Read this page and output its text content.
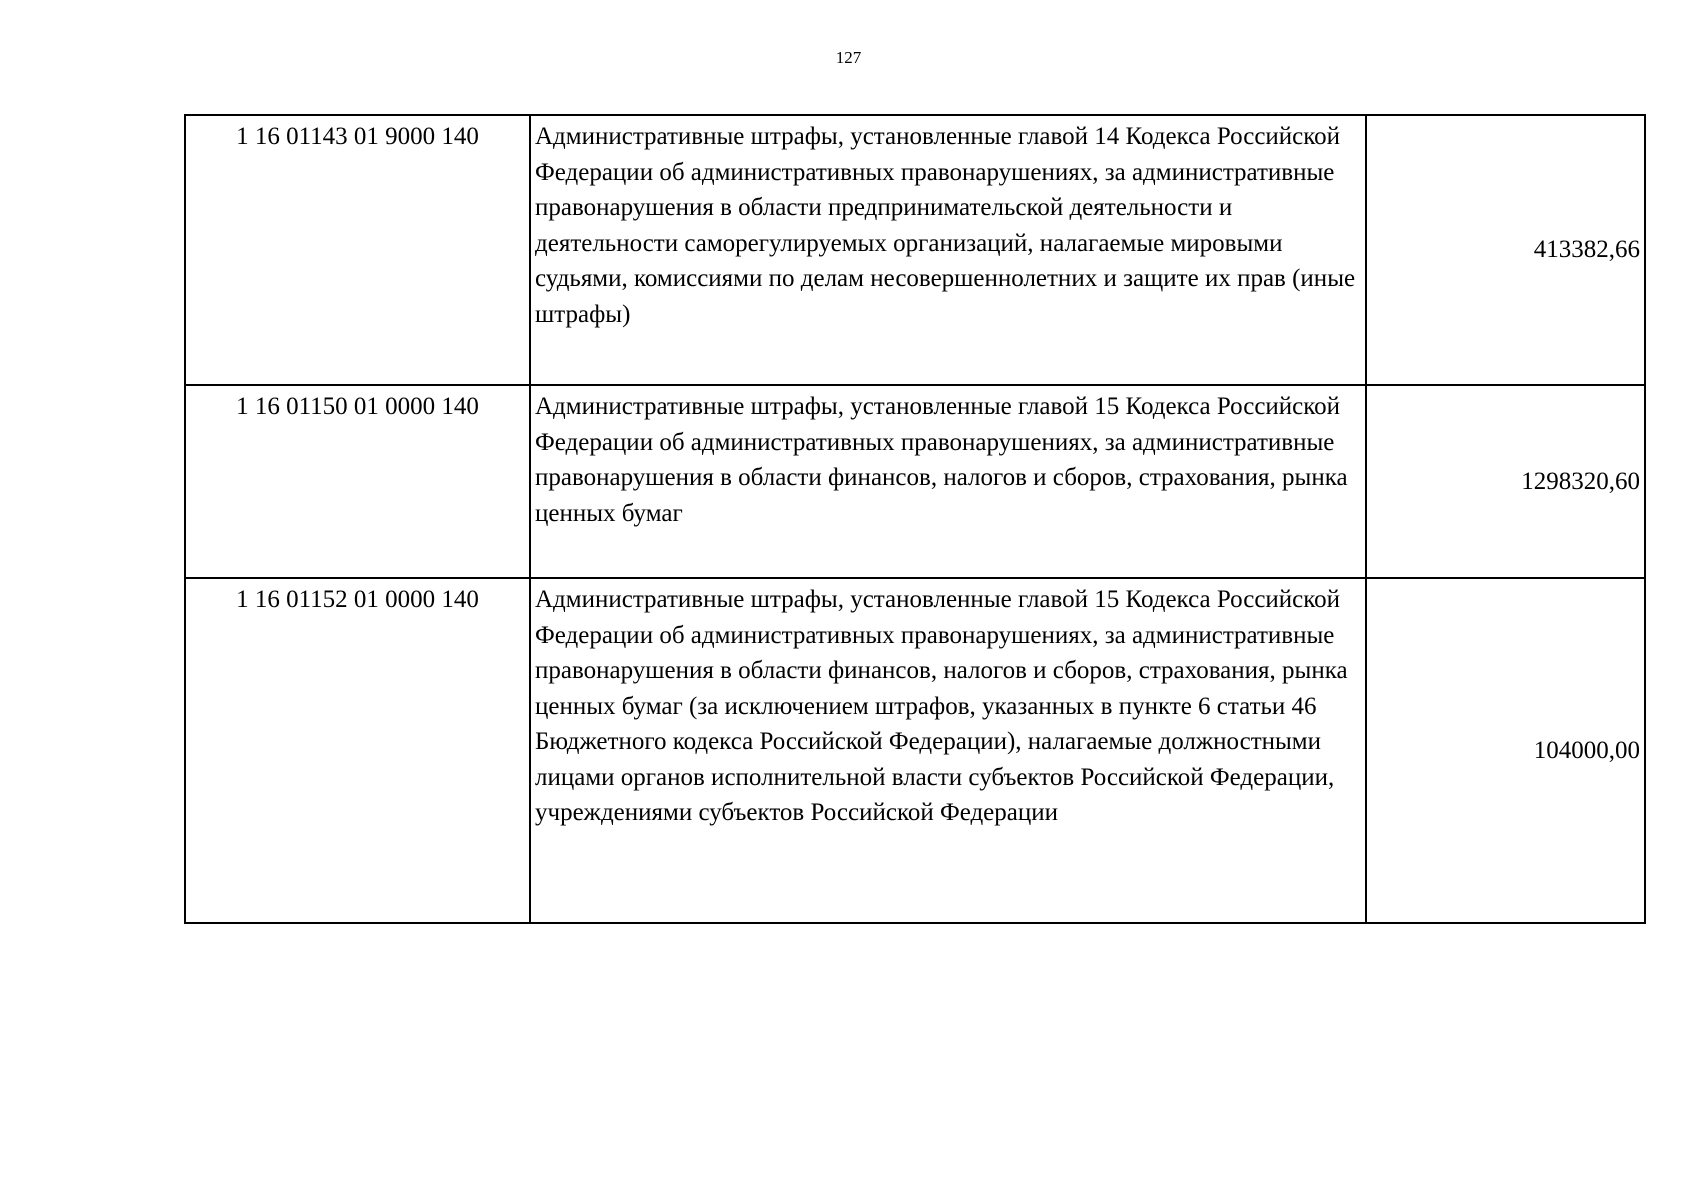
127
1 16 01143 01 9000 140	Административные штрафы, установленные главой 14 Кодекса Российской Федерации об административных правонарушениях, за административные правонарушения в области предпринимательской деятельности и деятельности саморегулируемых организаций, налагаемые мировыми судьями, комиссиями по делам несовершеннолетних и защите их прав (иные штрафы)	413382,66
1 16 01150 01 0000 140	Административные штрафы, установленные главой 15 Кодекса Российской Федерации об административных правонарушениях, за административные правонарушения в области финансов, налогов и сборов, страхования, рынка ценных бумаг	1298320,60
1 16 01152 01 0000 140	Административные штрафы, установленные главой 15 Кодекса Российской Федерации об административных правонарушениях, за административные правонарушения в области финансов, налогов и сборов, страхования, рынка ценных бумаг (за исключением штрафов, указанных в пункте 6 статьи 46 Бюджетного кодекса Российской Федерации), налагаемые должностными лицами органов исполнительной власти субъектов Российской Федерации, учреждениями субъектов Российской Федерации	104000,00
